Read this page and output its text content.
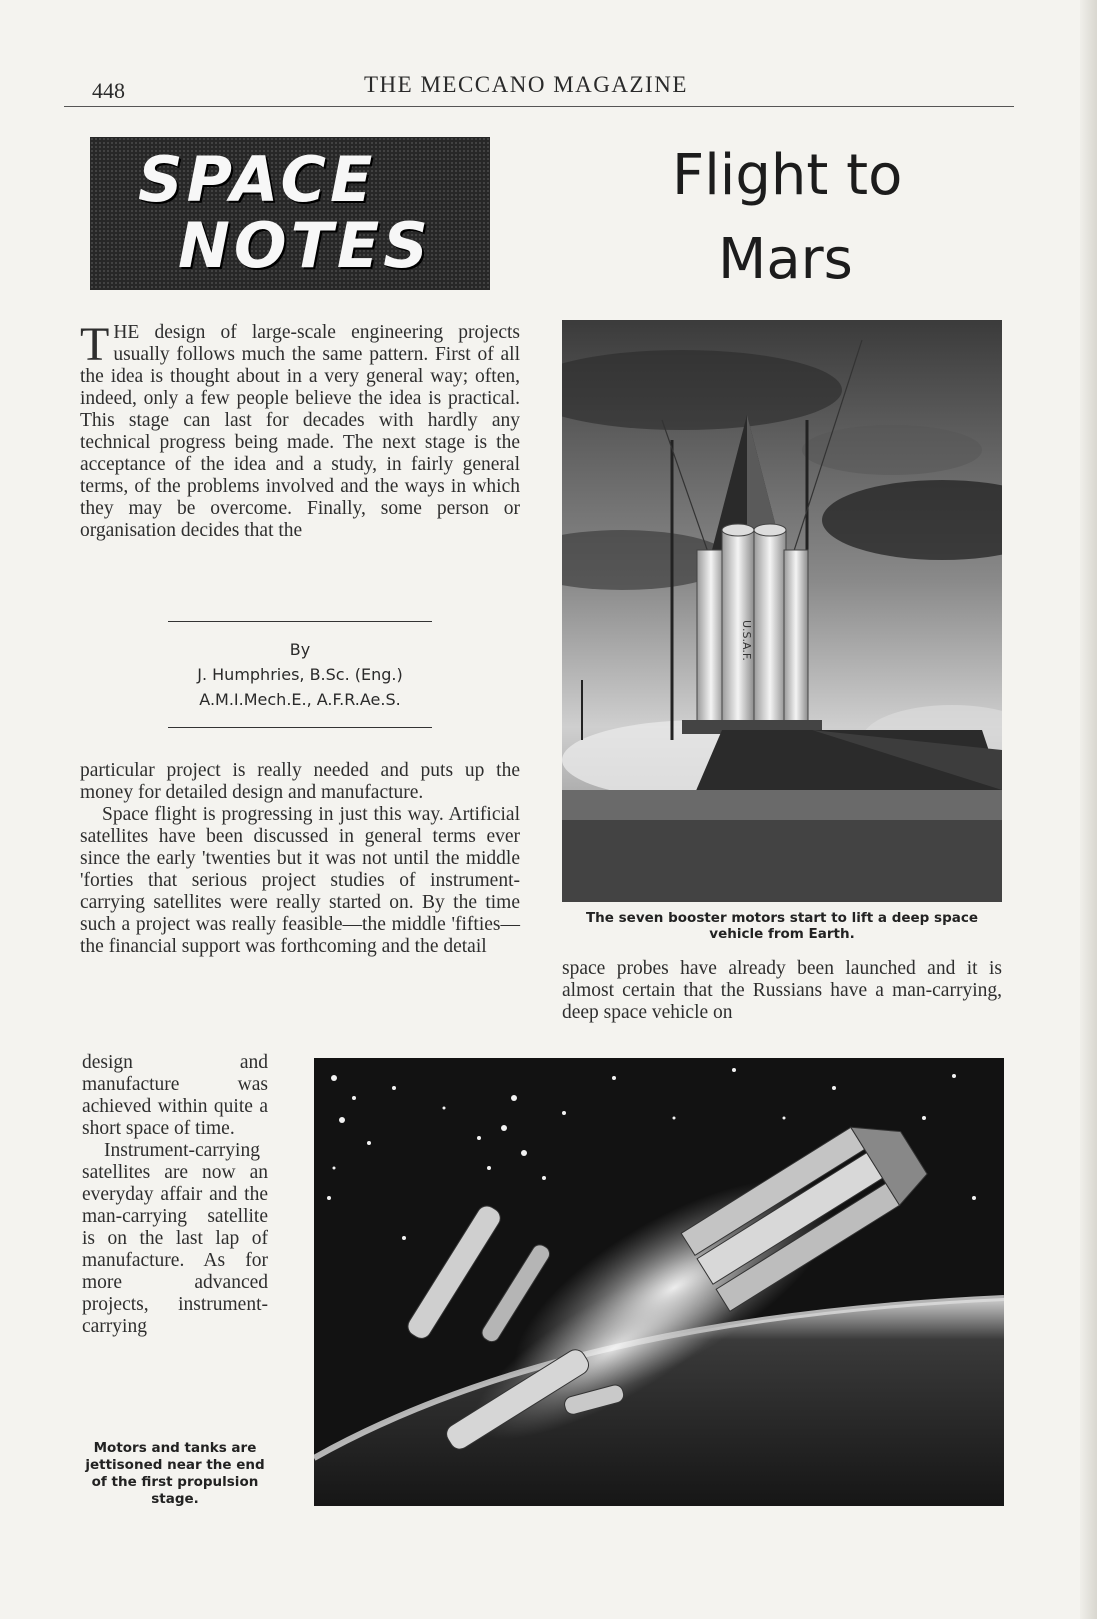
448	THE MECCANO MAGAZINE
SPACE
NOTES
Flight to
Mars
THE design of large-scale engineering projects usually follows much the same pattern. First of all the idea is thought about in a very general way; often, indeed, only a few people believe the idea is practical. This stage can last for decades with hardly any technical progress being made. The next stage is the acceptance of the idea and a study, in fairly general terms, of the problems involved and the ways in which they may be overcome. Finally, some person or organisation decides that the
By
J. Humphries, B.Sc. (Eng.)
A.M.I.Mech.E., A.F.R.Ae.S.

particular project is really needed and puts up the money for detailed design and manufacture.

Space flight is progressing in just this way. Artificial satellites have been discussed in general terms ever since the early 'twenties but it was not until the middle 'forties that serious project studies of instrument-carrying satellites were really started on. By the time such a project was really feasible—the middle 'fifties—the financial support was forthcoming and the detail

design and manufacture was achieved within quite a short space of time.

Instrument-carrying satellites are now an everyday affair and the man-carrying satellite is on the last lap of manufacture. As for more advanced projects, instrument-carrying

space probes have already been launched and it is almost certain that the Russians have a man-carrying, deep space vehicle on
U.S.A.F.
The seven booster motors start to lift a deep space vehicle from Earth.
Motors and tanks are jettisoned near the end of the first propulsion stage.
